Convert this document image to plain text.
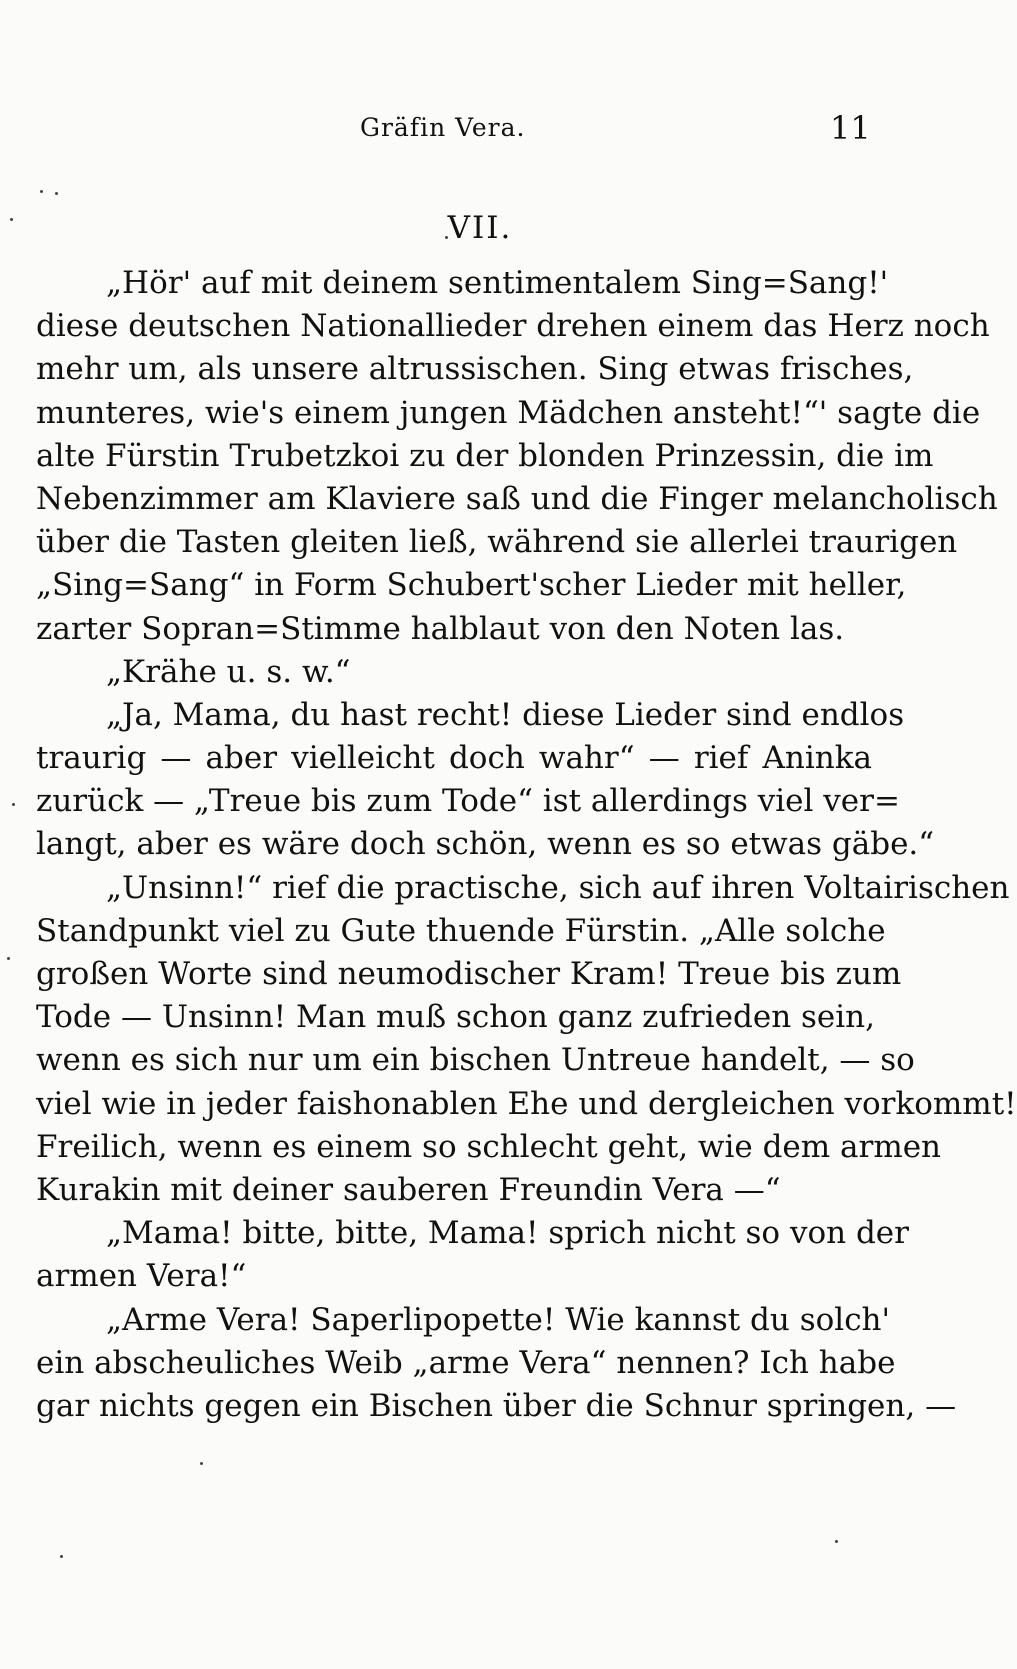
Gräfin Vera.	11
VII.
„Hör' auf mit deinem sentimentalem Sing=Sang!'
diese deutschen Nationallieder drehen einem das Herz noch
mehr um, als unsere altrussischen. Sing etwas frisches,
munteres, wie's einem jungen Mädchen ansteht!“' sagte die
alte Fürstin Trubetzkoi zu der blonden Prinzessin, die im
Nebenzimmer am Klaviere saß und die Finger melancholisch
über die Tasten gleiten ließ, während sie allerlei traurigen
„Sing=Sang“ in Form Schubert'scher Lieder mit heller,
zarter Sopran=Stimme halblaut von den Noten las.
„Krähe u. s. w.“
„Ja, Mama, du hast recht! diese Lieder sind endlos
traurig — aber vielleicht doch wahr“ — rief Aninka
zurück — „Treue bis zum Tode“ ist allerdings viel ver=
langt, aber es wäre doch schön, wenn es so etwas gäbe.“
„Unsinn!“ rief die practische, sich auf ihren Voltairischen
Standpunkt viel zu Gute thuende Fürstin. „Alle solche
großen Worte sind neumodischer Kram! Treue bis zum
Tode — Unsinn! Man muß schon ganz zufrieden sein,
wenn es sich nur um ein bischen Untreue handelt, — so
viel wie in jeder faishonablen Ehe und dergleichen vorkommt!
Freilich, wenn es einem so schlecht geht, wie dem armen
Kurakin mit deiner sauberen Freundin Vera —“
„Mama! bitte, bitte, Mama! sprich nicht so von der
armen Vera!“
„Arme Vera! Saperlipopette! Wie kannst du solch'
ein abscheuliches Weib „arme Vera“ nennen? Ich habe
gar nichts gegen ein Bischen über die Schnur springen, —
